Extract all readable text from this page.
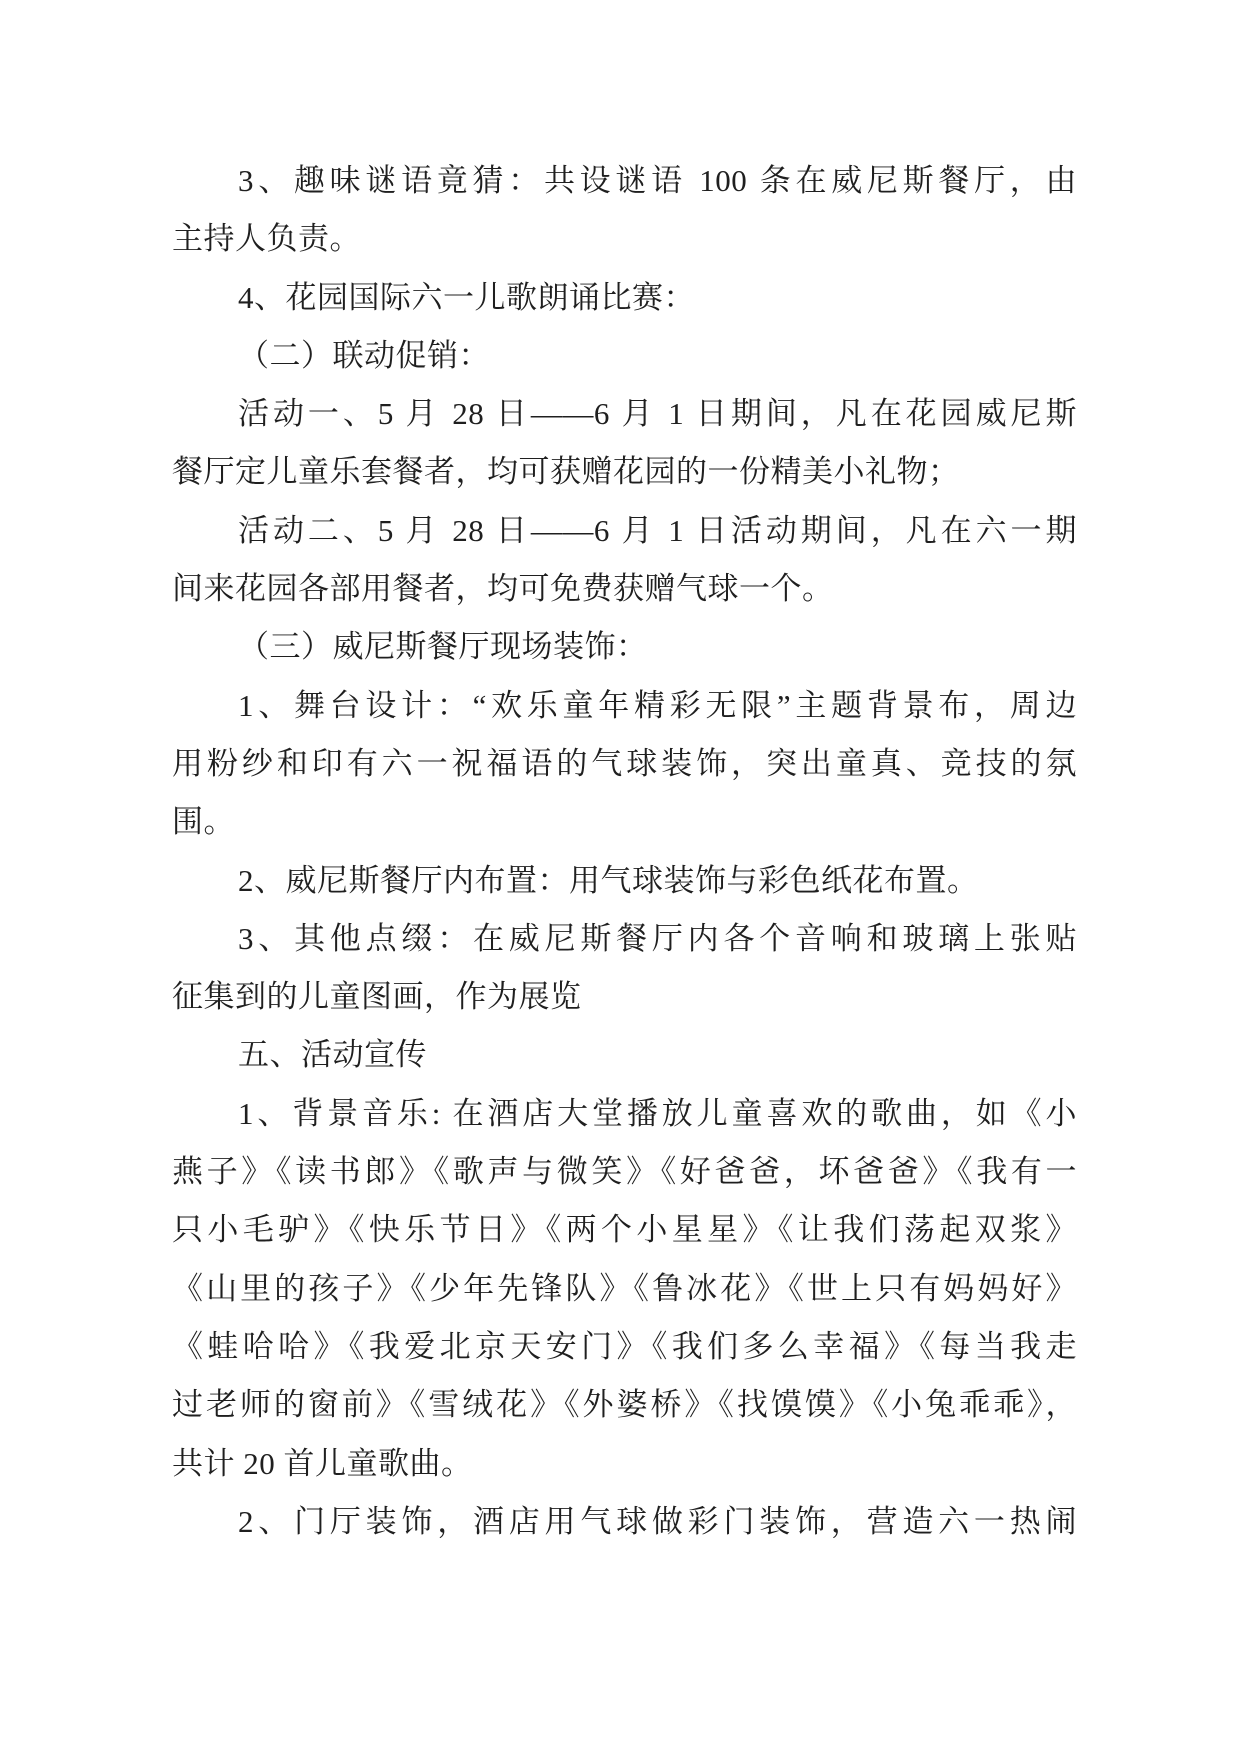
3、趣味谜语竟猜：共设谜语 100 条在威尼斯餐厅，由
主持人负责。
4、花园国际六一儿歌朗诵比赛：
（二）联动促销：
活动一、5 月 28 日——6 月 1 日期间，凡在花园威尼斯
餐厅定儿童乐套餐者，均可获赠花园的一份精美小礼物；
活动二、5 月 28 日——6 月 1 日活动期间，凡在六一期
间来花园各部用餐者，均可免费获赠气球一个。
（三）威尼斯餐厅现场装饰：
1、舞台设计：“欢乐童年精彩无限”主题背景布，周边
用粉纱和印有六一祝福语的气球装饰，突出童真、竞技的氛
围。
2、威尼斯餐厅内布置：用气球装饰与彩色纸花布置。
3、其他点缀：在威尼斯餐厅内各个音响和玻璃上张贴
征集到的儿童图画，作为展览
五、活动宣传
1、背景音乐: 在酒店大堂播放儿童喜欢的歌曲，如《小
燕子》《读书郎》《歌声与微笑》《好爸爸，坏爸爸》《我有一
只小毛驴》《快乐节日》《两个小星星》《让我们荡起双浆》
《山里的孩子》《少年先锋队》《鲁冰花》《世上只有妈妈好》
《蛙哈哈》《我爱北京天安门》《我们多么幸福》《每当我走
过老师的窗前》《雪绒花》《外婆桥》《找馍馍》《小兔乖乖》，
共计 20 首儿童歌曲。
2、门厅装饰，酒店用气球做彩门装饰，营造六一热闹
